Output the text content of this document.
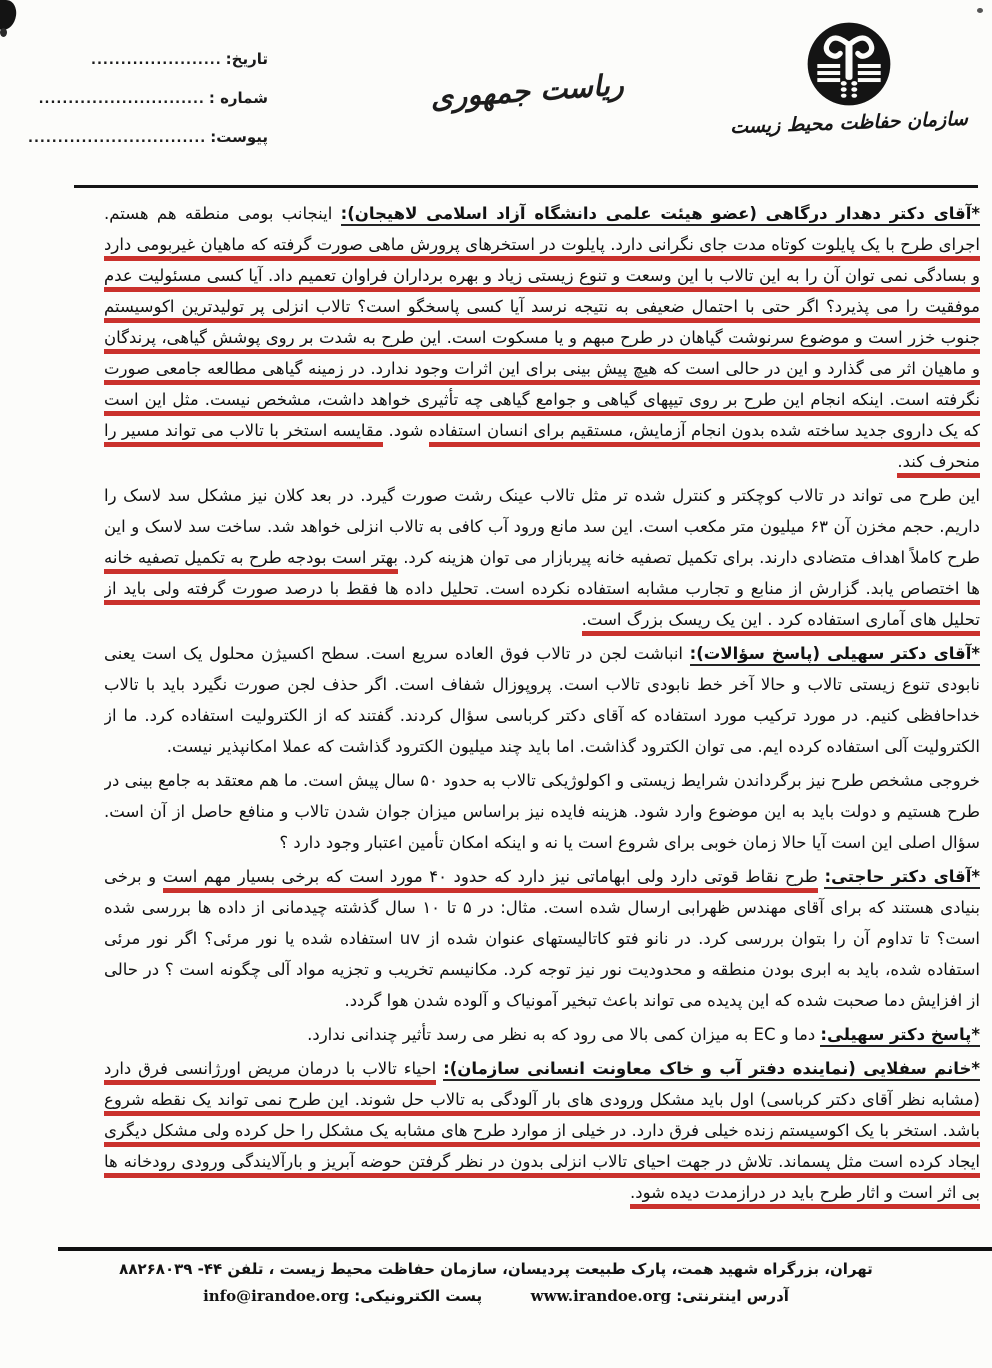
تاریخ:
......................
شماره :
............................
پیوست:
..............................
ریاست جمهوری
سازمان حفاظت محیط زیست

*آقای دکتر دهدار درگاهی (عضو هیئت علمی دانشگاه آزاد اسلامی لاهیجان): اینجانب بومی منطقه هم هستم. اجرای طرح با یک پایلوت کوتاه مدت جای نگرانی دارد. پایلوت در استخرهای پرورش ماهی صورت گرفته که ماهیان غیربومی دارد و بسادگی نمی توان آن را به این تالاب با این وسعت و تنوع زیستی زیاد و بهره برداران فراوان تعمیم داد. آیا کسی مسئولیت عدم موفقیت را می پذیرد؟ اگر حتی با احتمال ضعیفی به نتیجه نرسد آیا کسی پاسخگو است؟ تالاب انزلی پر تولیدترین اکوسیستم جنوب خزر است و موضوع سرنوشت گیاهان در طرح مبهم و یا مسکوت است. این طرح به شدت بر روی پوشش گیاهی، پرندگان و ماهیان اثر می گذارد و این در حالی است که هیچ پیش بینی برای این اثرات وجود ندارد. در زمینه گیاهی مطالعه جامعی صورت نگرفته است. اینکه انجام این طرح بر روی تیپهای گیاهی و جوامع گیاهی چه تأثیری خواهد داشت، مشخص نیست. مثل این است که یک داروی جدید ساخته شده بدون انجام آزمایش، مستقیم برای انسان استفاده شود. مقایسه استخر با تالاب می تواند مسیر را منحرف کند.

این طرح می تواند در تالاب کوچکتر و کنترل شده تر مثل تالاب عینک رشت صورت گیرد. در بعد کلان نیز مشکل سد لاسک را داریم. حجم مخزن آن ۶۳ میلیون متر مکعب است. این سد مانع ورود آب کافی به تالاب انزلی خواهد شد. ساخت سد لاسک و این طرح کاملاً اهداف متضادی دارند. برای تکمیل تصفیه خانه پیربازار می توان هزینه کرد. بهتر است بودجه طرح به تکمیل تصفیه خانه ها اختصاص یابد. گزارش از منابع و تجارب مشابه استفاده نکرده است. تحلیل داده ها فقط با درصد صورت گرفته ولی باید از تحلیل های آماری استفاده کرد . این یک ریسک بزرگ است.

*آقای دکتر سهیلی (پاسخ سؤالات): انباشت لجن در تالاب فوق العاده سریع است. سطح اکسیژن محلول یک است یعنی نابودی تنوع زیستی تالاب و حالا آخر خط نابودی تالاب است. پروپوزال شفاف است. اگر حذف لجن صورت نگیرد باید با تالاب خداحافظی کنیم. در مورد ترکیب مورد استفاده که آقای دکتر کرباسی سؤال کردند. گفتند که از الکترولیت استفاده کرد. ما از الکترولیت آلی استفاده کرده ایم. می توان الکترود گذاشت. اما باید چند میلیون الکترود گذاشت که عملا امکانپذیر نیست.

خروجی مشخص طرح نیز برگرداندن شرایط زیستی و اکولوژیکی تالاب به حدود ۵۰ سال پیش است. ما هم معتقد به جامع بینی در طرح هستیم و دولت باید به این موضوع وارد شود. هزینه فایده نیز براساس میزان جوان شدن تالاب و منافع حاصل از آن است. سؤال اصلی این است آیا حالا زمان خوبی برای شروع است یا نه و اینکه امکان تأمین اعتبار وجود دارد ؟

*آقای دکتر حاجتی: طرح نقاط قوتی دارد ولی ابهاماتی نیز دارد که حدود ۴۰ مورد است که برخی بسیار مهم است و برخی بنیادی هستند که برای آقای مهندس ظهرابی ارسال شده است. مثال: در ۵ تا ۱۰ سال گذشته چیدمانی از داده ها بررسی شده است؟ تا تداوم آن را بتوان بررسی کرد. در نانو فتو کاتالیستهای عنوان شده از uv استفاده شده یا نور مرئی؟ اگر نور مرئی استفاده شده، باید به ابری بودن منطقه و محدودیت نور نیز توجه کرد. مکانیسم تخریب و تجزیه مواد آلی چگونه است ؟ در حالی از افزایش دما صحبت شده که این پدیده می تواند باعث تبخیر آمونیاک و آلوده شدن هوا گردد.

*پاسخ دکتر سهیلی: دما و EC به میزان کمی بالا می رود که به نظر می رسد تأثیر چندانی ندارد.

*خانم سفلایی (نماینده دفتر آب و خاک معاونت انسانی سازمان): احیاء تالاب با درمان مریض اورژانسی فرق دارد (مشابه نظر آقای دکتر کرباسی) اول باید مشکل ورودی های بار آلودگی به تالاب حل شوند. این طرح نمی تواند یک نقطه شروع باشد. استخر با یک اکوسیستم زنده خیلی فرق دارد. در خیلی از موارد طرح های مشابه یک مشکل را حل کرده ولی مشکل دیگری ایجاد کرده است مثل پسماند. تلاش در جهت احیای تالاب انزلی بدون در نظر گرفتن حوضه آبریز و بارآلایندگی ورودی رودخانه ها بی اثر است و اثار طرح باید در درازمدت دیده شود.

تهران، بزرگراه شهید همت، پارک طبیعت پردیسان، سازمان حفاظت محیط زیست ، تلفن ۴۴- ۸۸۲۶۸۰۳۹
آدرس اینترنتی: www.irandoe.org  پست الکترونیکی: info@irandoe.org
